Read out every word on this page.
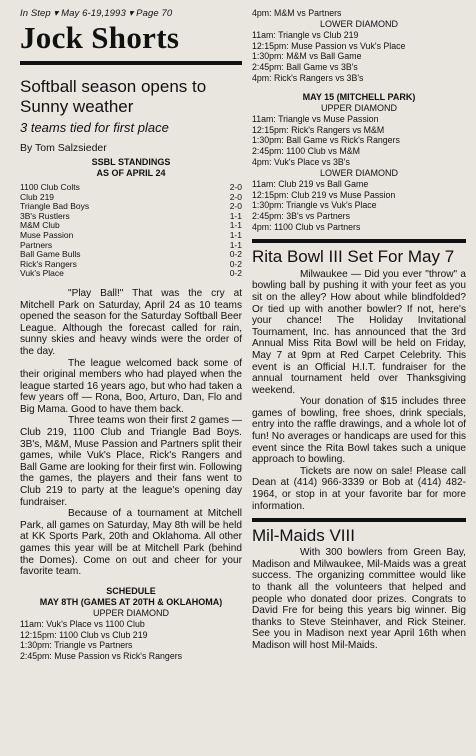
In Step ▾ May 6-19,1993 ▾ Page 70
Jock Shorts
Softball season opens to Sunny weather
3 teams tied for first place
By Tom Salzsieder
SSBL STANDINGS
AS OF APRIL 24
1100 Club Colts	2-0
Club 219	2-0
Triangle Bad Boys	2-0
3B's Rustlers	1-1
M&M Club	1-1
Muse Passion	1-1
Partners	1-1
Ball Game Bulls	0-2
Rick's Rangers	0-2
Vuk's Place	0-2

"Play Ball!" That was the cry at Mitchell Park on Saturday, April 24 as 10 teams opened the season for the Saturday Softball Beer League. Although the forecast called for rain, sunny skies and heavy winds were the order of the day.

The league welcomed back some of their original members who had played when the league started 16 years ago, but who had taken a few years off — Rona, Boo, Arturo, Dan, Flo and Big Mama. Good to have them back.

Three teams won their first 2 games — Club 219, 1100 Club and Triangle Bad Boys. 3B's, M&M, Muse Passion and Partners split their games, while Vuk's Place, Rick's Rangers and Ball Game are looking for their first win. Following the games, the players and their fans went to Club 219 to party at the league's opening day fundraiser.

Because of a tournament at Mitchell Park, all games on Saturday, May 8th will be held at KK Sports Park, 20th and Oklahoma. All other games this year will be at Mitchell Park (behind the Domes). Come on out and cheer for your favorite team.

SCHEDULE
MAY 8TH (GAMES AT 20TH & OKLAHOMA)
UPPER DIAMOND
11am: Vuk's Place vs 1100 Club
12:15pm: 1100 Club vs Club 219
1:30pm: Triangle vs Partners
2:45pm: Muse Passion vs Rick's Rangers
4pm: M&M vs Partners
LOWER DIAMOND
11am: Triangle vs Club 219
12:15pm: Muse Passion vs Vuk's Place
1:30pm: M&M vs Ball Game
2:45pm: Ball Game vs 3B's
4pm: Rick's Rangers vs 3B's
MAY 15 (MITCHELL PARK)
UPPER DIAMOND
11am: Triangle vs Muse Passion
12:15pm: Rick's Rangers vs M&M
1:30pm: Ball Game vs Rick's Rangers
2:45pm: 1100 Club vs M&M
4pm: Vuk's Place vs 3B's
LOWER DIAMOND
11am: Club 219 vs Ball Game
12:15pm: Club 219 vs Muse Passion
1:30pm: Triangle vs Vuk's Place
2:45pm: 3B's vs Partners
4pm: 1100 Club vs Partners
Rita Bowl III Set For May 7

Milwaukee — Did you ever "throw" a bowling ball by pushing it with your feet as you sit on the alley? How about while blindfolded? Or tied up with another bowler? If not, here's your chance! The Holiday Invitational Tournament, Inc. has announced that the 3rd Annual Miss Rita Bowl will be held on Friday, May 7 at 9pm at Red Carpet Celebrity. This event is an Official H.I.T. fundraiser for the annual tournament held over Thanksgiving weekend.

Your donation of $15 includes three games of bowling, free shoes, drink specials, entry into the raffle drawings, and a whole lot of fun! No averages or handicaps are used for this event since the Rita Bowl takes such a unique approach to bowling.

Tickets are now on sale! Please call Dean at (414) 966-3339 or Bob at (414) 482-1964, or stop in at your favorite bar for more information.

Mil-Maids VIII

With 300 bowlers from Green Bay, Madison and Milwaukee, Mil-Maids was a great success. The organizing committee would like to thank all the volunteers that helped and people who donated door prizes. Congrats to David Fre for being this years big winner. Big thanks to Steve Steinhaver, and Rick Steiner. See you in Madison next year April 16th when Madison will host Mil-Maids.
